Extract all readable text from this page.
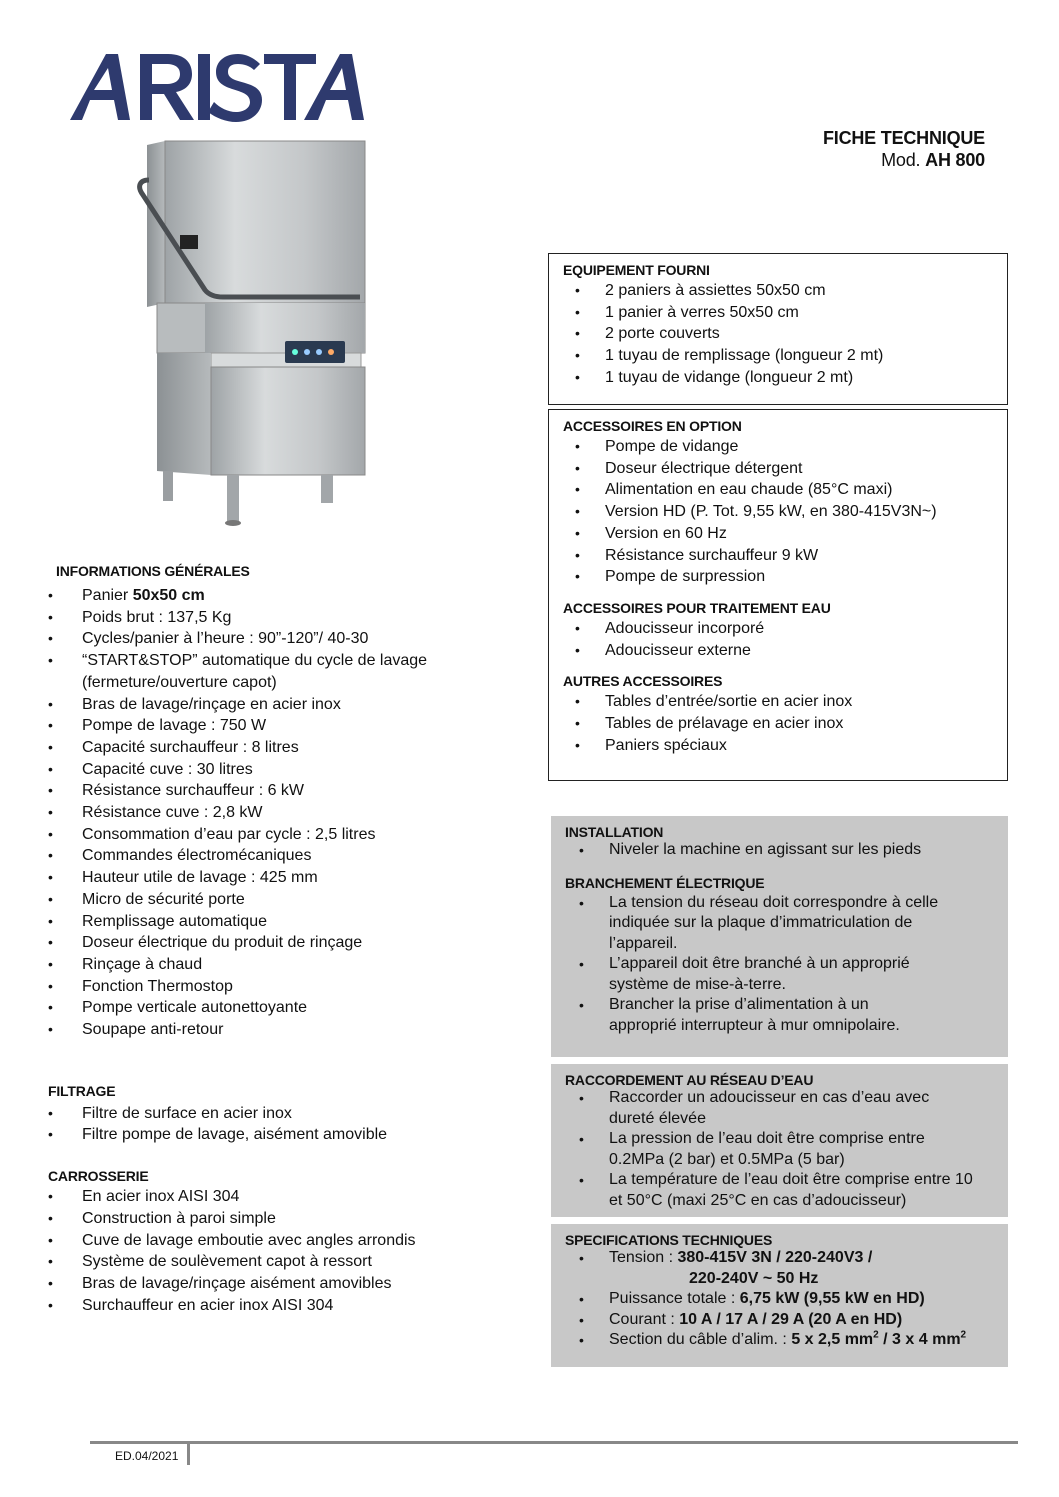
FICHE TECHNIQUE
Mod. AH 800
INFORMATIONS GÉNÉRALES
• Panier 50x50 cm
• Poids brut : 137,5 Kg
• Cycles/panier à l’heure : 90”-120”/ 40-30
• “START&STOP” automatique du cycle de lavage (fermeture/ouverture capot)
• Bras de lavage/rinçage en acier inox
• Pompe de lavage : 750 W
• Capacité surchauffeur : 8 litres
• Capacité cuve : 30 litres
• Résistance surchauffeur : 6 kW
• Résistance cuve : 2,8 kW
• Consommation d’eau par cycle : 2,5 litres
• Commandes électromécaniques
• Hauteur utile de lavage : 425 mm
• Micro de sécurité porte
• Remplissage automatique
• Doseur électrique du produit de rinçage
• Rinçage à chaud
• Fonction Thermostop
• Pompe verticale autonettoyante
• Soupape anti-retour
FILTRAGE
• Filtre de surface en acier inox
• Filtre pompe de lavage, aisément amovible
CARROSSERIE
• En acier inox AISI 304
• Construction à paroi simple
• Cuve de lavage emboutie avec angles arrondis
• Système de soulèvement capot à ressort
• Bras de lavage/rinçage aisément amovibles
• Surchauffeur en acier inox AISI 304
EQUIPEMENT FOURNI
• 2 paniers à assiettes 50x50 cm
• 1 panier à verres 50x50 cm
• 2 porte couverts
• 1 tuyau de remplissage (longueur 2 mt)
• 1 tuyau de vidange (longueur 2 mt)
ACCESSOIRES EN OPTION
• Pompe de vidange
• Doseur électrique détergent
• Alimentation en eau chaude (85°C maxi)
• Version HD (P. Tot. 9,55 kW, en 380-415V3N~)
• Version en 60 Hz
• Résistance surchauffeur 9 kW
• Pompe de surpression
ACCESSOIRES POUR TRAITEMENT EAU
• Adoucisseur incorporé
• Adoucisseur externe
AUTRES ACCESSOIRES
• Tables d’entrée/sortie en acier inox
• Tables de prélavage en acier inox
• Paniers spéciaux
INSTALLATION
• Niveler la machine en agissant sur les pieds
BRANCHEMENT ÉLECTRIQUE
• La tension du réseau doit correspondre à celle indiquée sur la plaque d’immatriculation de l’appareil.
• L’appareil doit être branché à un approprié système de mise-à-terre.
• Brancher la prise d’alimentation à un approprié interrupteur à mur omnipolaire.
RACCORDEMENT AU RÉSEAU D’EAU
• Raccorder un adoucisseur en cas d’eau avec dureté élevée
• La pression de l’eau doit être comprise entre 0.2MPa (2 bar) et 0.5MPa (5 bar)
• La température de l’eau doit être comprise entre 10 et 50°C (maxi 25°C en cas d’adoucisseur)
SPECIFICATIONS TECHNIQUES
• Tension : 380-415V 3N / 220-240V3 /
220-240V ~ 50 Hz
• Puissance totale : 6,75 kW (9,55 kW en HD)
• Courant : 10 A / 17 A / 29 A (20 A en HD)
• Section du câble d’alim. : 5 x 2,5 $mm^2 / 3$ x 4 $mm^2$
ED.04/2021
